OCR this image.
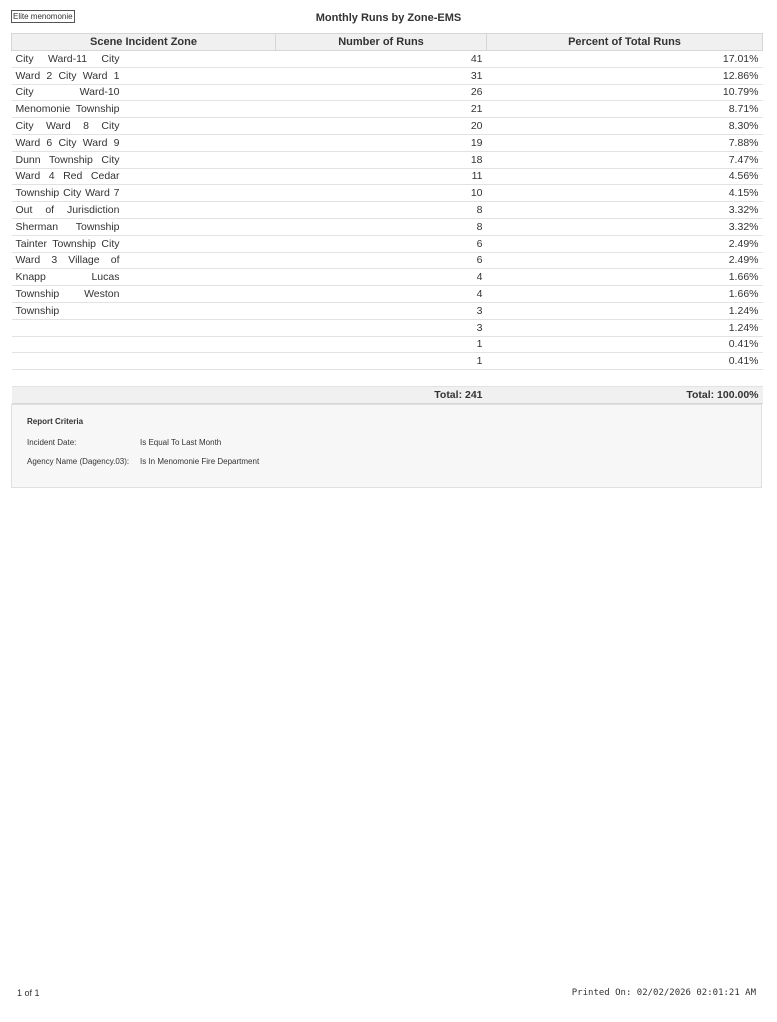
Elite menomonie	Monthly Runs by Zone-EMS
Scene Incident Zone	Number of Runs	Percent of Total Runs
City Ward-11 City	41	17.01%
Ward 2 City Ward 1	31	12.86%
City Ward-10	26	10.79%
Menomonie Township	21	8.71%
City Ward 8 City	20	8.30%
Ward 6 City Ward 9	19	7.88%
Dunn Township City	18	7.47%
Ward 4 Red Cedar	11	4.56%
Township City Ward 7	10	4.15%
Out of Jurisdiction	8	3.32%
Sherman Township	8	3.32%
Tainter Township City	6	2.49%
Ward 3 Village of	6	2.49%
Knapp Lucas	4	1.66%
Township Weston	4	1.66%
Township	3	1.24%
	3	1.24%
	1	0.41%
	1	0.41%

	Total: 241	Total: 100.00%
Report Criteria
Incident Date:	Is Equal To Last Month
Agency Name (Dagency.03): Is In Menomonie Fire Department
1 of 1	Printed On: 02/02/2026 02:01:21 AM
